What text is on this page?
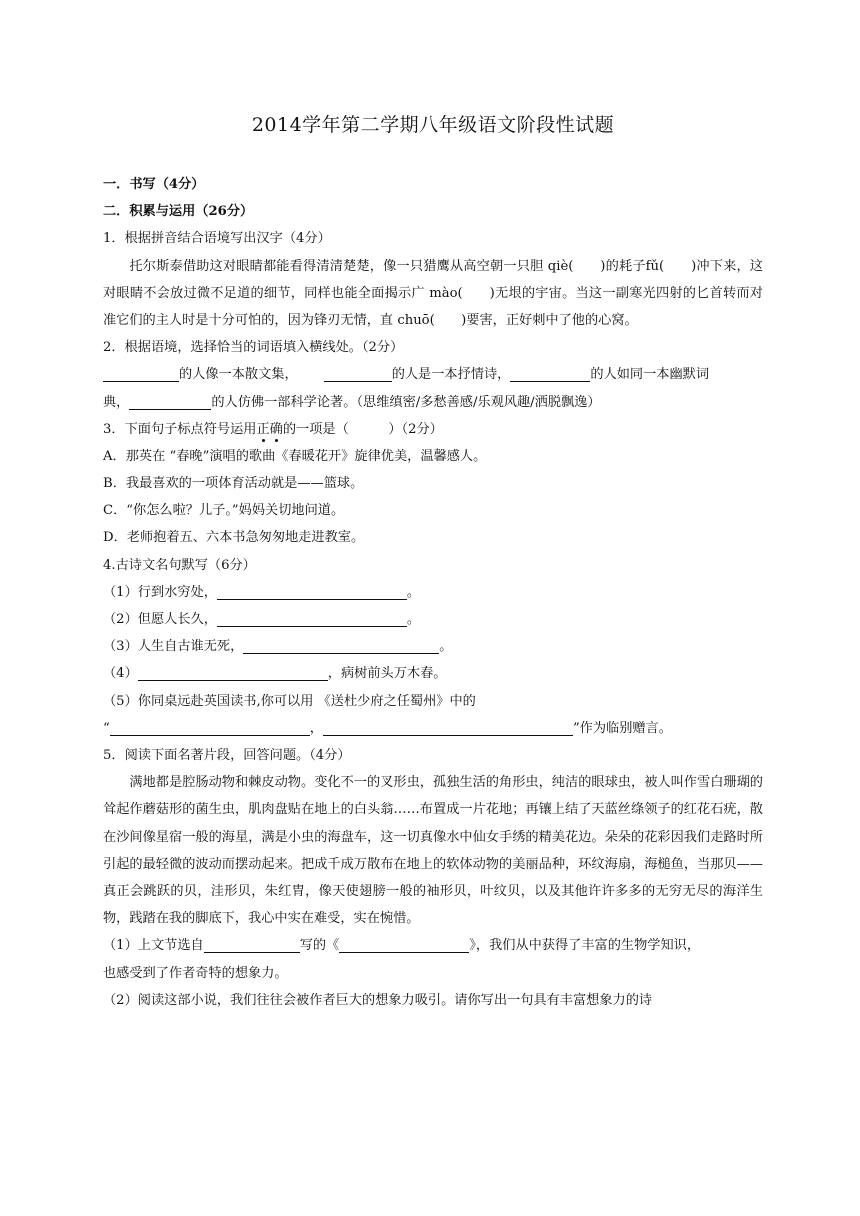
2014学年第二学期八年级语文阶段性试题
一．书写（4分）
二．积累与运用（26分）
1．根据拼音结合语境写出汉字（4分）

托尔斯泰借助这对眼睛都能看得清清楚楚，像一只猎鹰从高空朝一只胆 qiè(　　)的耗子fǔ(　　)冲下来，这对眼睛不会放过微不足道的细节，同样也能全面揭示广 mào(　　)无垠的宇宙。当这一副寒光四射的匕首转而对准它们的主人时是十分可怕的，因为锋刃无情，直 chuō(　　)要害，正好刺中了他的心窝。

2．根据语境，选择恰当的词语填入横线处。（2分）
的人像一本散文集，	的人是一本抒情诗，	的人如同一本幽默词
典，	的人仿佛一部科学论著。（思维缜密/多愁善感/乐观风趣/洒脱飘逸）
3．下面句子标点符号运用正确的一项是（　　　）（2分）
A．那英在 “春晚”演唱的歌曲《春暖花开》旋律优美，温馨感人。
B．我最喜欢的一项体育活动就是——篮球。
C．“你怎么啦？儿子。”妈妈关切地问道。
D．老师抱着五、六本书急匆匆地走进教室。
4.古诗文名句默写（6分）
（1）行到水穷处，	。
（2）但愿人长久，	。
（3）人生自古谁无死，	。
（4）	，病树前头万木春。
（5）你同桌远赴英国读书,你可以用 《送杜少府之任蜀州》中的
“	，	”作为临别赠言。
5．阅读下面名著片段，回答问题。（4分）

满地都是腔肠动物和棘皮动物。变化不一的叉形虫，孤独生活的角形虫，纯洁的眼球虫，被人叫作雪白珊瑚的耸起作蘑菇形的菌生虫，肌肉盘贴在地上的白头翁……布置成一片花地；再镶上结了天蓝丝绦领子的红花石疣，散在沙间像星宿一般的海星，满是小虫的海盘车，这一切真像水中仙女手绣的精美花边。朵朵的花彩因我们走路时所引起的最轻微的波动而摆动起来。把成千成万散布在地上的软体动物的美丽品种，环纹海扇，海槌鱼，当那贝——真正会跳跃的贝，洼形贝，朱红胄，像天使翅膀一般的袖形贝，叶纹贝，以及其他许许多多的无穷无尽的海洋生物，践踏在我的脚底下，我心中实在难受，实在惋惜。

（1）上文节选自	写的《	》，我们从中获得了丰富的生物学知识，
也感受到了作者奇特的想象力。
（2）阅读这部小说，我们往往会被作者巨大的想象力吸引。请你写出一句具有丰富想象力的诗
